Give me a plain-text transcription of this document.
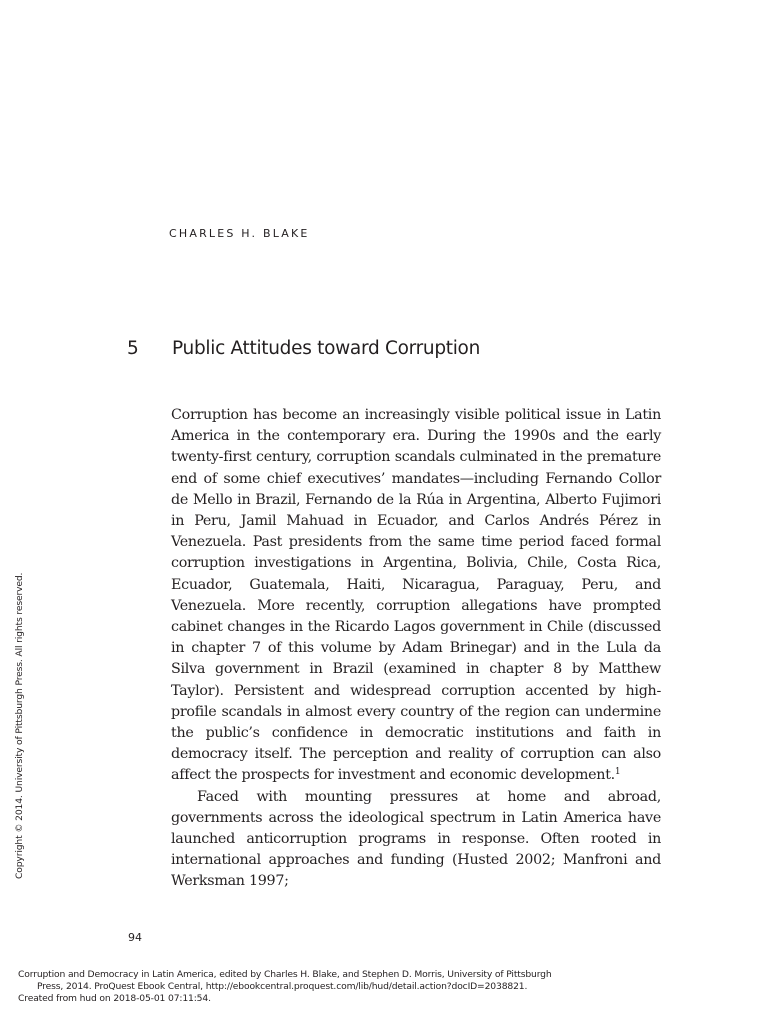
CHARLES H. BLAKE
5 Public Attitudes toward Corruption

Corruption has become an increasingly visible political issue in Latin America in the contemporary era. During the 1990s and the early twenty-first century, corruption scandals culminated in the premature end of some chief executives’ mandates—including Fernando Collor de Mello in Brazil, Fernando de la Rúa in Argentina, Alberto Fujimori in Peru, Jamil Mahuad in Ecuador, and Carlos Andrés Pérez in Venezuela. Past presidents from the same time period faced formal corruption investigations in Argentina, Bolivia, Chile, Costa Rica, Ecuador, Guatemala, Haiti, Nicaragua, Paraguay, Peru, and Venezuela. More recently, corruption allegations have prompted cabinet changes in the Ricardo Lagos government in Chile (discussed in chapter 7 of this volume by Adam Brinegar) and in the Lula da Silva government in Brazil (examined in chapter 8 by Matthew Taylor). Persistent and widespread corruption accented by high-profile scandals in almost every country of the region can undermine the public’s confidence in democratic institutions and faith in democracy itself. The perception and reality of corruption can also affect the prospects for investment and economic development.$^1$

Faced with mounting pressures at home and abroad, governments across the ideological spectrum in Latin America have launched anticorruption programs in response. Often rooted in international approaches and funding (Husted 2002; Manfroni and Werksman 1997;

94
Copyright © 2014. University of Pittsburgh Press. All rights reserved.
Corruption and Democracy in Latin America, edited by Charles H. Blake, and Stephen D. Morris, University of Pittsburgh
Press, 2014. ProQuest Ebook Central, http://ebookcentral.proquest.com/lib/hud/detail.action?docID=2038821.
Created from hud on 2018-05-01 07:11:54.
